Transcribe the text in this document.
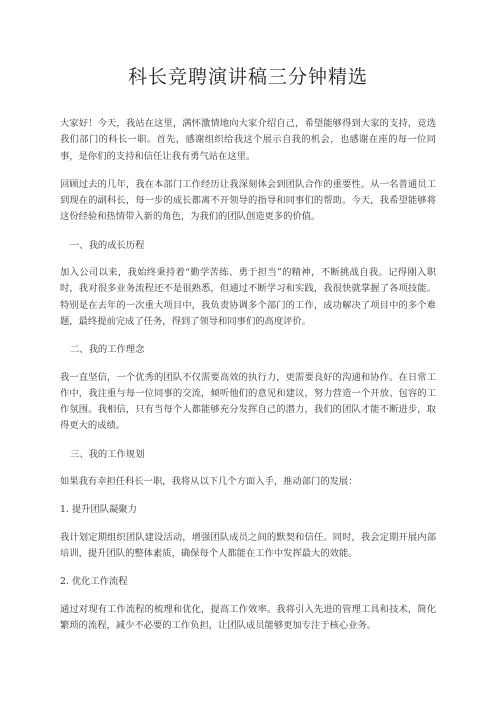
科长竞聘演讲稿三分钟精选

大家好！今天，我站在这里，满怀激情地向大家介绍自己，希望能够得到大家的支持，竞选我们部门的科长一职。首先，感谢组织给我这个展示自我的机会，也感谢在座的每一位同事，是你们的支持和信任让我有勇气站在这里。

回顾过去的几年，我在本部门工作经历让我深刻体会到团队合作的重要性。从一名普通员工到现在的副科长，每一步的成长都离不开领导的指导和同事们的帮助。今天，我希望能够将这份经验和热情带入新的角色，为我们的团队创造更多的价值。

一、我的成长历程

加入公司以来，我始终秉持着“勤学苦练、勇于担当”的精神，不断挑战自我。记得刚入职时，我对很多业务流程还不是很熟悉，但通过不断学习和实践，我很快就掌握了各项技能。特别是在去年的一次重大项目中，我负责协调多个部门的工作，成功解决了项目中的多个难题，最终提前完成了任务，得到了领导和同事们的高度评价。

二、我的工作理念

我一直坚信，一个优秀的团队不仅需要高效的执行力，更需要良好的沟通和协作。在日常工作中，我注重与每一位同事的交流，倾听他们的意见和建议，努力营造一个开放、包容的工作氛围。我相信，只有当每个人都能够充分发挥自己的潜力，我们的团队才能不断进步，取得更大的成绩。

三、我的工作规划

如果我有幸担任科长一职，我将从以下几个方面入手，推动部门的发展：

1. 提升团队凝聚力

我计划定期组织团队建设活动，增强团队成员之间的默契和信任。同时，我会定期开展内部培训，提升团队的整体素质，确保每个人都能在工作中发挥最大的效能。

2. 优化工作流程

通过对现有工作流程的梳理和优化，提高工作效率。我将引入先进的管理工具和技术，简化繁琐的流程，减少不必要的工作负担，让团队成员能够更加专注于核心业务。
